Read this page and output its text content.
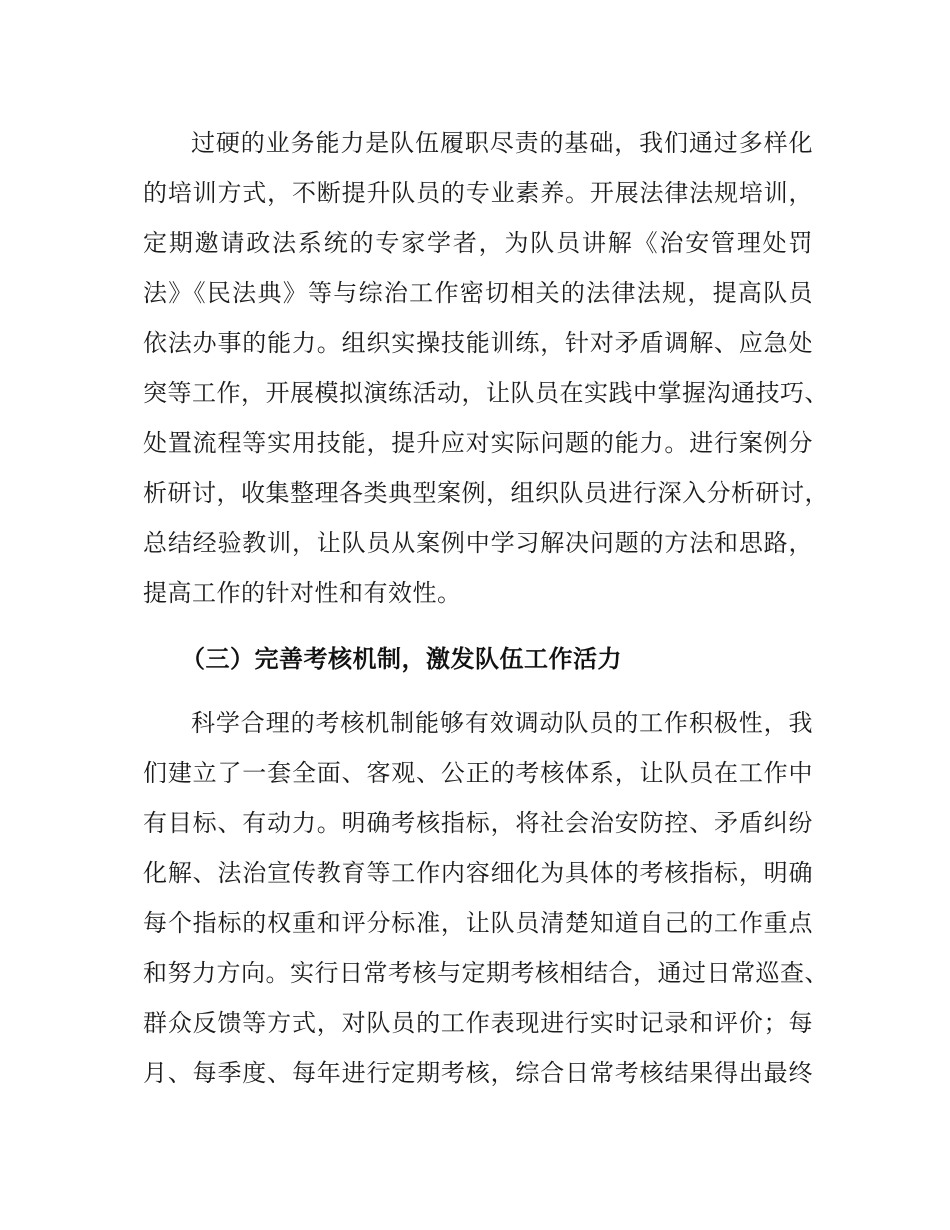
过硬的业务能力是队伍履职尽责的基础，我们通过多样化
的培训方式，不断提升队员的专业素养。开展法律法规培训，
定期邀请政法系统的专家学者，为队员讲解《治安管理处罚
法》《民法典》等与综治工作密切相关的法律法规，提高队员
依法办事的能力。组织实操技能训练，针对矛盾调解、应急处
突等工作，开展模拟演练活动，让队员在实践中掌握沟通技巧、
处置流程等实用技能，提升应对实际问题的能力。进行案例分
析研讨，收集整理各类典型案例，组织队员进行深入分析研讨，
总结经验教训，让队员从案例中学习解决问题的方法和思路，
提高工作的针对性和有效性。
（三）完善考核机制，激发队伍工作活力
科学合理的考核机制能够有效调动队员的工作积极性，我
们建立了一套全面、客观、公正的考核体系，让队员在工作中
有目标、有动力。明确考核指标，将社会治安防控、矛盾纠纷
化解、法治宣传教育等工作内容细化为具体的考核指标，明确
每个指标的权重和评分标准，让队员清楚知道自己的工作重点
和努力方向。实行日常考核与定期考核相结合，通过日常巡查、
群众反馈等方式，对队员的工作表现进行实时记录和评价；每
月、每季度、每年进行定期考核，综合日常考核结果得出最终
